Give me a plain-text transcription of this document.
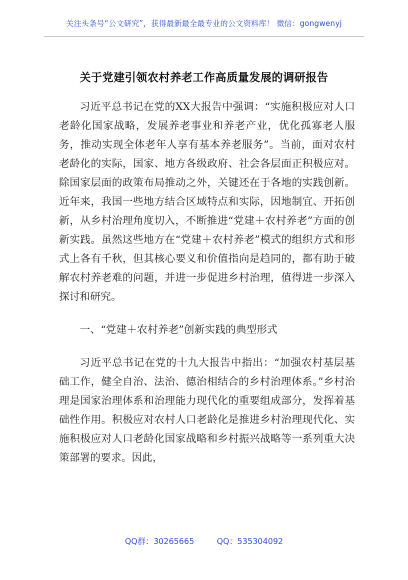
关注头条号“公文研究”，获得最新最全最专业的公文资料库！ 微信：gongwenyj
关于党建引领农村养老工作高质量发展的调研报告

习近平总书记在党的XX大报告中强调：“实施积极应对人口老龄化国家战略，发展养老事业和养老产业，优化孤寡老人服务，推动实现全体老年人享有基本养老服务”。当前，面对农村老龄化的实际，国家、地方各级政府、社会各层面正积极应对。除国家层面的政策布局推动之外，关键还在于各地的实践创新。近年来，我国一些地方结合区域特点和实际，因地制宜、开拓创新，从乡村治理角度切入，不断推进“党建＋农村养老”方面的创新实践。虽然这些地方在“党建＋农村养老”模式的组织方式和形式上各有千秋，但其核心要义和价值指向是趋同的，都有助于破解农村养老难的问题，并进一步促进乡村治理，值得进一步深入探讨和研究。

一、“党建＋农村养老”创新实践的典型形式

习近平总书记在党的十九大报告中指出：“加强农村基层基础工作，健全自治、法治、德治相结合的乡村治理体系。”乡村治理是国家治理体系和治理能力现代化的重要组成部分，发挥着基础性作用。积极应对农村人口老龄化是推进乡村治理现代化、实施积极应对人口老龄化国家战略和乡村振兴战略等一系列重大决策部署的要求。因此，

QQ群：30265665	QQ：535304092
